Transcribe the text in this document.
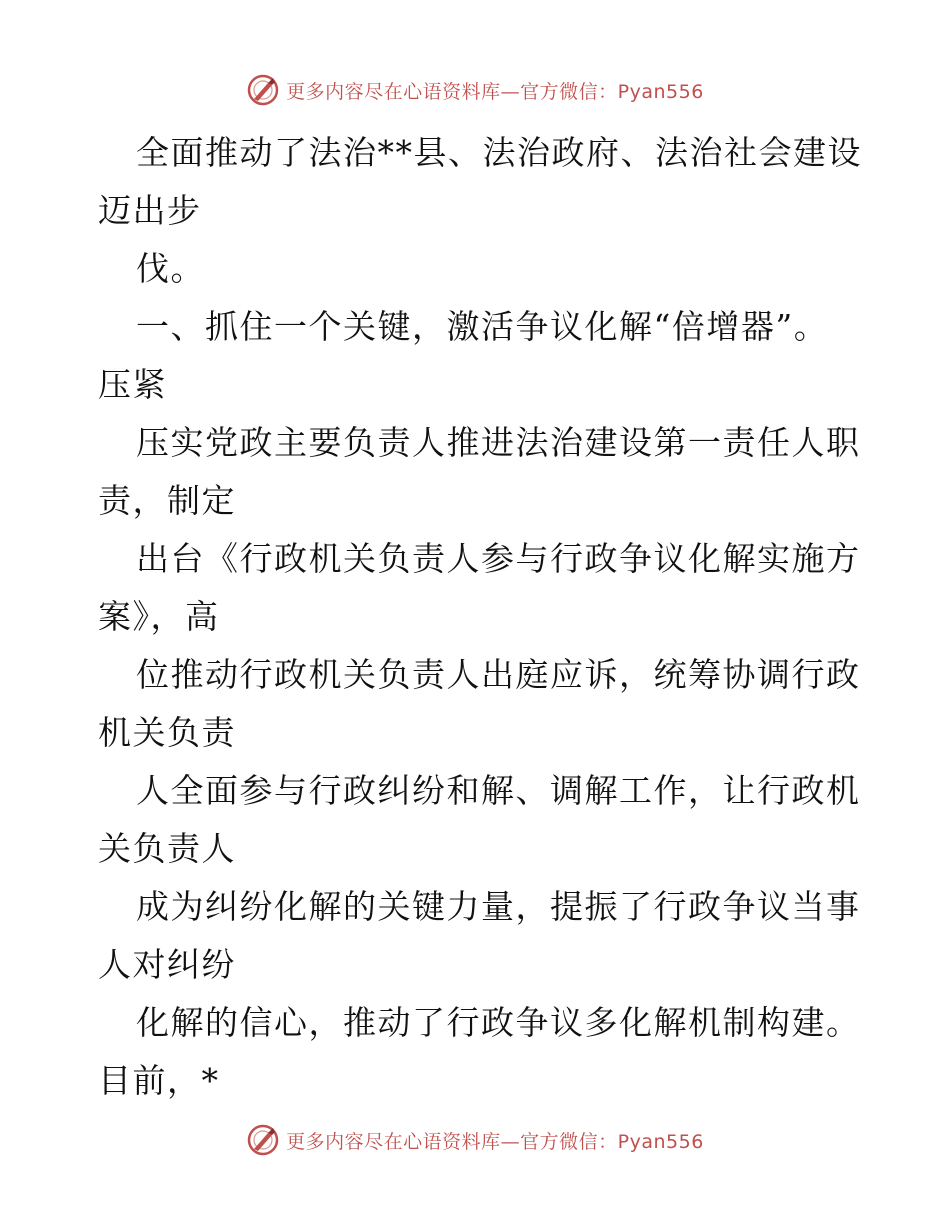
更多内容尽在心语资料库—官方微信：Pyan556
全面推动了法治**县、法治政府、法治社会建设
迈出步
伐。
一、抓住一个关键，激活争议化解“倍增器”。
压紧
压实党政主要负责人推进法治建设第一责任人职
责，制定
出台《行政机关负责人参与行政争议化解实施方
案》，高
位推动行政机关负责人出庭应诉，统筹协调行政
机关负责
人全面参与行政纠纷和解、调解工作，让行政机
关负责人
成为纠纷化解的关键力量，提振了行政争议当事
人对纠纷
化解的信心，推动了行政争议多化解机制构建。
目前，*
更多内容尽在心语资料库—官方微信：Pyan556
